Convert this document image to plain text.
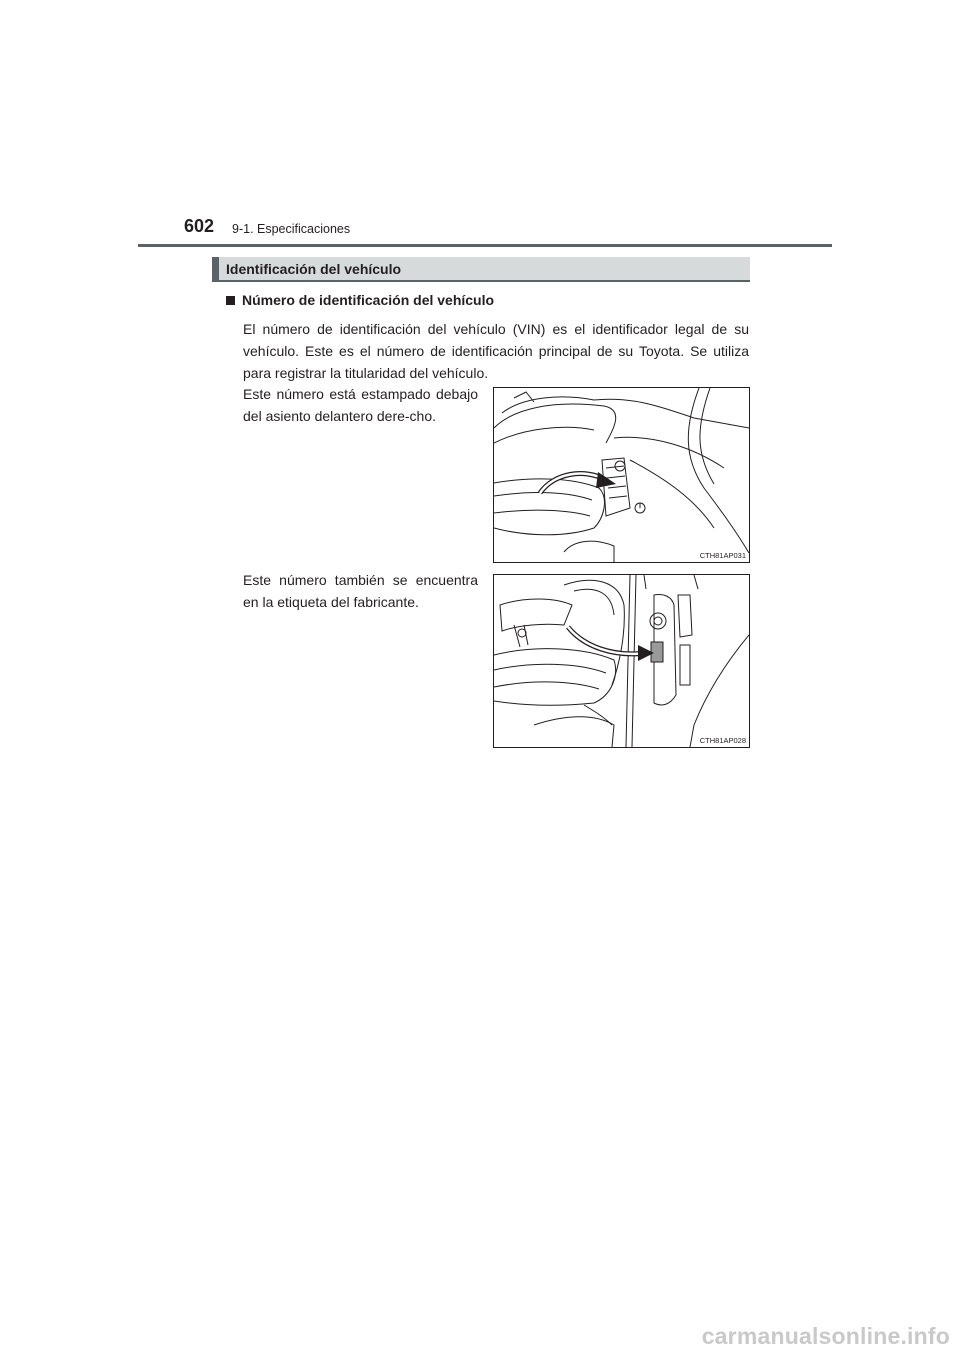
602 9-1. Especificaciones
Identificación del vehículo
Número de identificación del vehículo

El número de identificación del vehículo (VIN) es el identificador legal de su vehículo. Este es el número de identificación principal de su Toyota. Se utiliza para registrar la titularidad del vehículo.

Este número está estampado debajo del asiento delantero dere-cho.

CTH81AP031

Este número también se encuentra en la etiqueta del fabricante.

CTH81AP028
carmanualsonline.info
